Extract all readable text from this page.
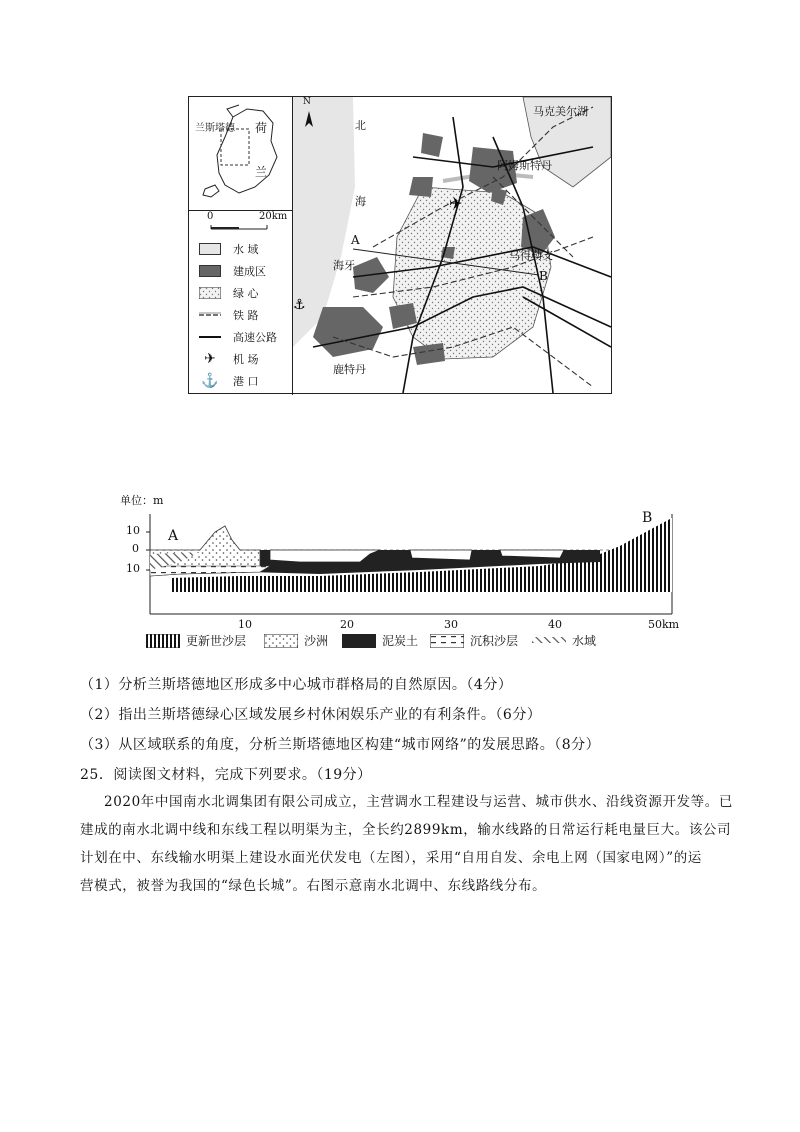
兰斯塔德 荷
兰
0	20km
水 域
建成区
绿 心
铁 路
高速公路
✈	机 场
⚓ 港 口
✈
⚓
N
北
海
马克美尔湖
阿姆斯特丹
海牙
鹿特丹
乌得勒支
A
B
单位：m
10
0
10
A
B
10	20	30	40	50km
更新世沙层	沙洲	泥炭土	沉积沙层	水域
（1）分析兰斯塔德地区形成多中心城市群格局的自然原因。（4分）
（2）指出兰斯塔德绿心区域发展乡村休闲娱乐产业的有利条件。（6分）
（3）从区域联系的角度，分析兰斯塔德地区构建“城市网络”的发展思路。（8分）
25．阅读图文材料，完成下列要求。（19分）

2020年中国南水北调集团有限公司成立，主营调水工程建设与运营、城市供水、沿线资源开发等。已

建成的南水北调中线和东线工程以明渠为主，全长约2899km，输水线路的日常运行耗电量巨大。该公司

计划在中、东线输水明渠上建设水面光伏发电（左图），采用“自用自发、余电上网（国家电网）”的运

营模式，被誉为我国的“绿色长城”。右图示意南水北调中、东线路线分布。
